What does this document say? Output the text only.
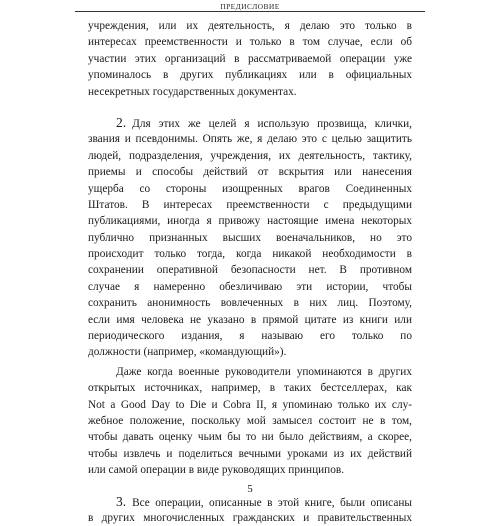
ПРЕДИСЛОВИЕ
учреждения, или их деятельность, я делаю это только в
интересах преемственности и только в том случае, если об
участии этих организаций в рассматриваемой операции уже
упоминалось в других публикациях или в официальных
несекретных государственных документах.
2. Для этих же целей я использую прозвища, клички,
звания и псевдонимы. Опять же, я делаю это с целью защитить
людей, подразделения, учреждения, их деятельность, тактику,
приемы и способы действий от вскрытия или нанесения
ущерба со стороны изощренных врагов Соединенных
Штатов. В интересах преемственности с предыдущими
публикациями, иногда я привожу настоящие имена некоторых
публично признанных высших военачальников, но это
происходит только тогда, когда никакой необходимости в
сохранении оперативной безопасности нет. В противном
случае я намеренно обезличиваю эти истории, чтобы
сохранить анонимность вовлеченных в них лиц. Поэтому,
если имя человека не указано в прямой цитате из книги или
периодического издания, я называю его только по
должности (например, «командующий»).
Даже когда военные руководители упоминаются в других
открытых источниках, например, в таких бестселлерах, как
Not a Good Day to Die и Cobra II, я упоминаю только их слу-
жебное положение, поскольку мой замысел состоит не в том,
чтобы давать оценку чьим бы то ни было действиям, а скорее,
чтобы извлечь и поделиться вечными уроками из их действий
или самой операции в виде руководящих принципов.
3. Все операции, описанные в этой книге, были описаны
в других многочисленных гражданских и правительственных
5
